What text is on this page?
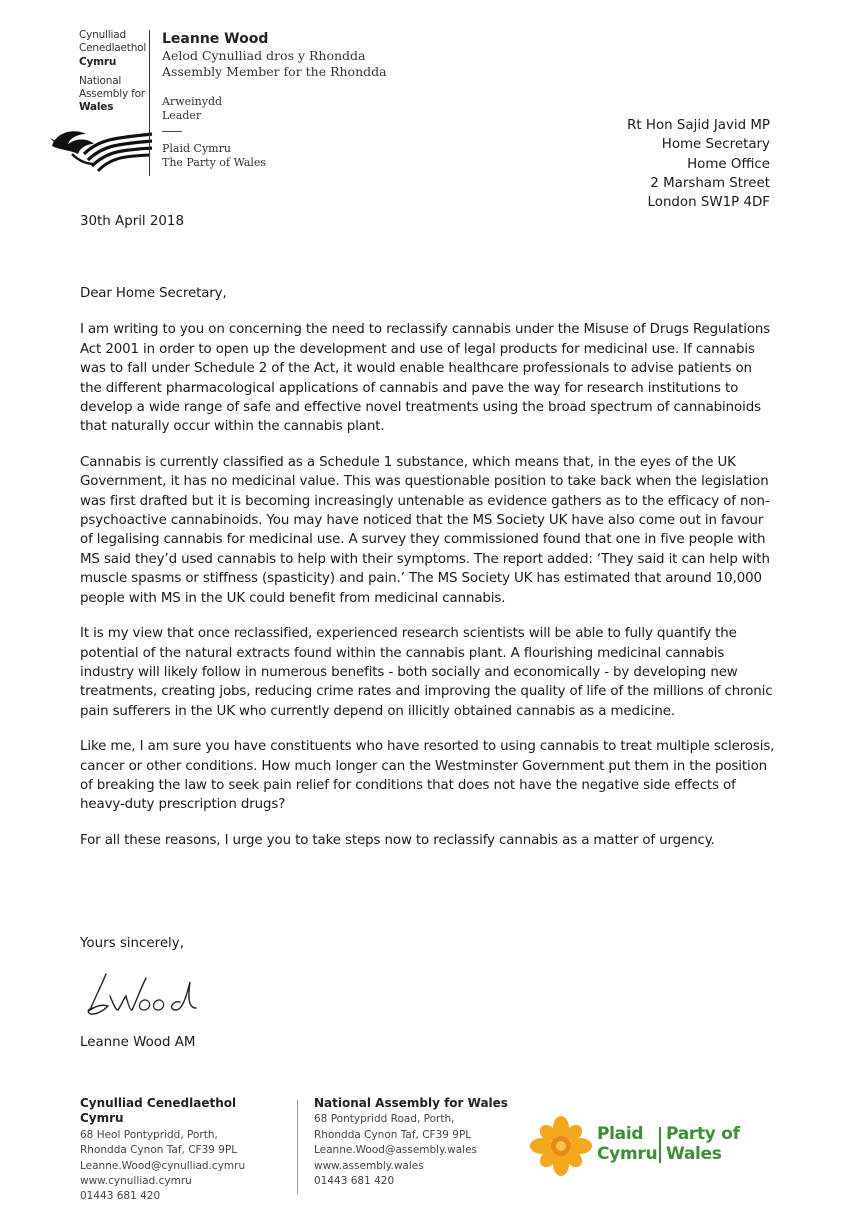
Cynulliad
Cenedlaethol
Cymru
National
Assembly for
Wales
Leanne Wood
Aelod Cynulliad dros y Rhondda
Assembly Member for the Rhondda
Arweinydd
Leader
Plaid Cymru
The Party of Wales
Rt Hon Sajid Javid MP
Home Secretary
Home Office
2 Marsham Street
London SW1P 4DF
30th April 2018

Dear Home Secretary,

I am writing to you on concerning the need to reclassify cannabis under the Misuse of Drugs Regulations Act 2001 in order to open up the development and use of legal products for medicinal use. If cannabis was to fall under Schedule 2 of the Act, it would enable healthcare professionals to advise patients on the different pharmacological applications of cannabis and pave the way for research institutions to develop a wide range of safe and effective novel treatments using the broad spectrum of cannabinoids that naturally occur within the cannabis plant.

Cannabis is currently classified as a Schedule 1 substance, which means that, in the eyes of the UK Government, it has no medicinal value. This was questionable position to take back when the legislation was first drafted but it is becoming increasingly untenable as evidence gathers as to the efficacy of non-psychoactive cannabinoids. You may have noticed that the MS Society UK have also come out in favour of legalising cannabis for medicinal use. A survey they commissioned found that one in five people with MS said they’d used cannabis to help with their symptoms. The report added: ‘They said it can help with muscle spasms or stiffness (spasticity) and pain.’ The MS Society UK has estimated that around 10,000 people with MS in the UK could benefit from medicinal cannabis.

It is my view that once reclassified, experienced research scientists will be able to fully quantify the potential of the natural extracts found within the cannabis plant. A flourishing medicinal cannabis industry will likely follow in numerous benefits - both socially and economically - by developing new treatments, creating jobs, reducing crime rates and improving the quality of life of the millions of chronic pain sufferers in the UK who currently depend on illicitly obtained cannabis as a medicine.

Like me, I am sure you have constituents who have resorted to using cannabis to treat multiple sclerosis, cancer or other conditions. How much longer can the Westminster Government put them in the position of breaking the law to seek pain relief for conditions that does not have the negative side effects of heavy-duty prescription drugs?

For all these reasons, I urge you to take steps now to reclassify cannabis as a matter of urgency.

Yours sincerely,
Leanne Wood AM
Cynulliad Cenedlaethol Cymru
68 Heol Pontypridd, Porth,
Rhondda Cynon Taf, CF39 9PL
Leanne.Wood@cynulliad.cymru
www.cynulliad.cymru
01443 681 420
National Assembly for Wales
68 Pontypridd Road, Porth,
Rhondda Cynon Taf, CF39 9PL
Leanne.Wood@assembly.wales
www.assembly.wales
01443 681 420
Plaid
Cymru
Party of
Wales
